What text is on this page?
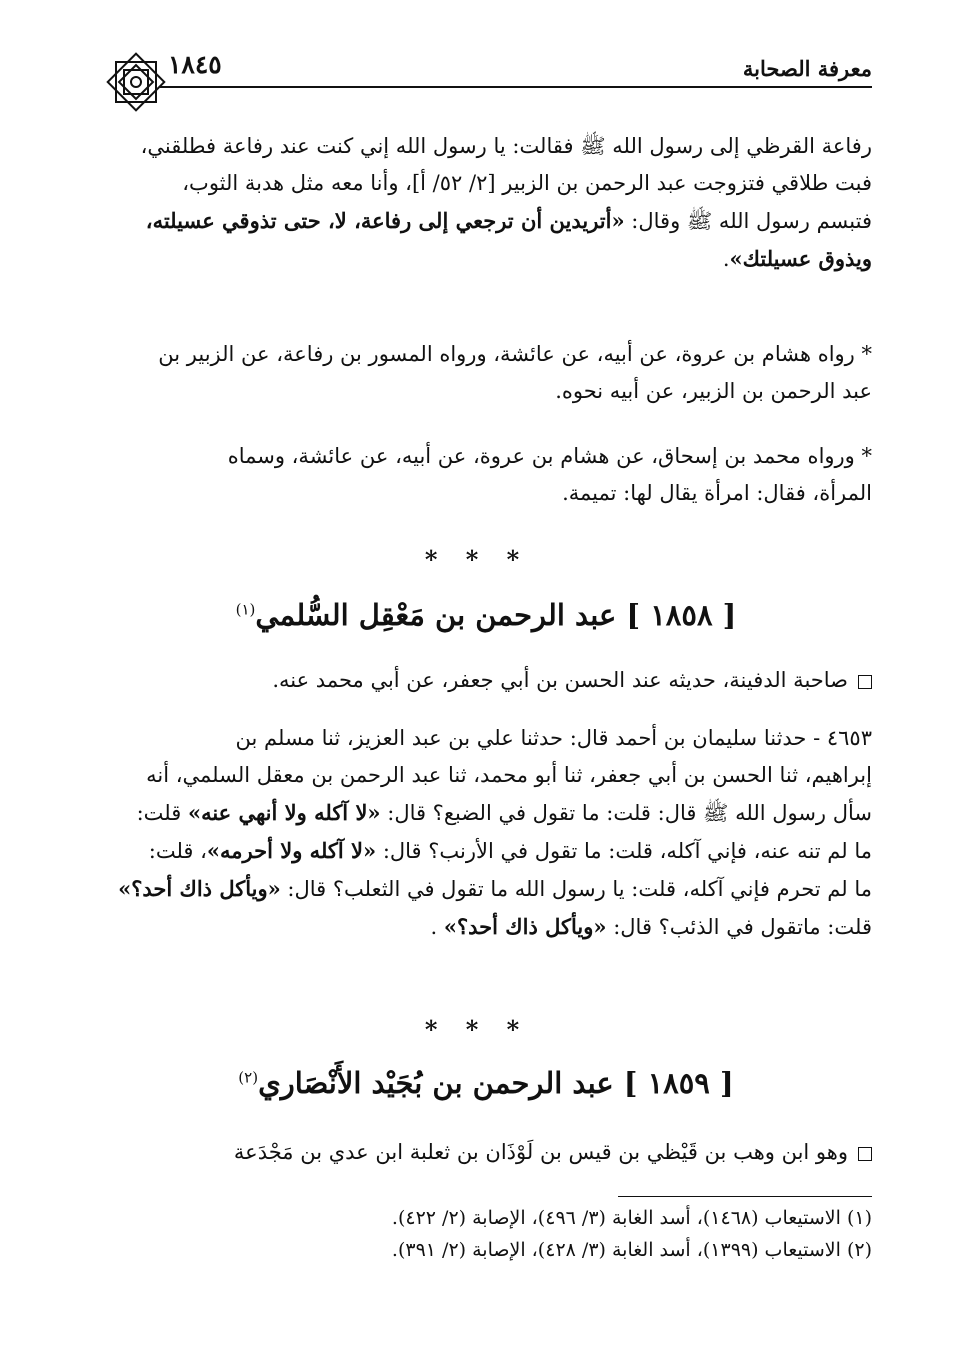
معرفة الصحابة
١٨٤٥
رفاعة القرظي إلى رسول الله ﷺ فقالت: يا رسول الله إني كنت عند رفاعة فطلقني،
فبت طلاقي فتزوجت عبد الرحمن بن الزبير [٢/ ٥٢/ أ]، وأنا معه مثل هدبة الثوب،
فتبسم رسول الله ﷺ وقال: «أتريدين أن ترجعي إلى رفاعة، لا، حتى تذوقي عسيلته،
ويذوق عسيلتك».
* رواه هشام بن عروة، عن أبيه، عن عائشة، ورواه المسور بن رفاعة، عن الزبير بن
عبد الرحمن بن الزبير، عن أبيه نحوه.
* ورواه محمد بن إسحاق، عن هشام بن عروة، عن أبيه، عن عائشة، وسماه
المرأة، فقال: امرأة يقال لها: تميمة.
* * *
[ ١٨٥٨ ] عبد الرحمن بن مَعْقِل السُّلمي$^{(١)}$
صاحبة الدفينة، حديثه عند الحسن بن أبي جعفر، عن أبي محمد عنه.
٤٦٥٣ - حدثنا سليمان بن أحمد قال: حدثنا علي بن عبد العزيز، ثنا مسلم بن
إبراهيم، ثنا الحسن بن أبي جعفر، ثنا أبو محمد، ثنا عبد الرحمن بن معقل السلمي، أنه
سأل رسول الله ﷺ قال: قلت: ما تقول في الضبع؟ قال: «لا آكله ولا أنهي عنه» قلت:
ما لم تنه عنه، فإني آكله، قلت: ما تقول في الأرنب؟ قال: «لا آكله ولا أحرمه»، قلت:
ما لم تحرم فإني آكله، قلت: يا رسول الله ما تقول في الثعلب؟ قال: «ويأكل ذاك أحد؟»
قلت: ماتقول في الذئب؟ قال: «ويأكل ذاك أحد؟» .
* * *
[ ١٨٥٩ ] عبد الرحمن بن بُجَيْد الأَنْصَاري$^{(٢)}$
وهو ابن وهب بن قَيْظي بن قيس بن لَوْذَان بن ثعلبة ابن عدي بن مَجْدَعة
(١) الاستيعاب (١٤٦٨)، أسد الغابة (٣/ ٤٩٦)، الإصابة (٢/ ٤٢٢).
(٢) الاستيعاب (١٣٩٩)، أسد الغابة (٣/ ٤٢٨)، الإصابة (٢/ ٣٩١).
